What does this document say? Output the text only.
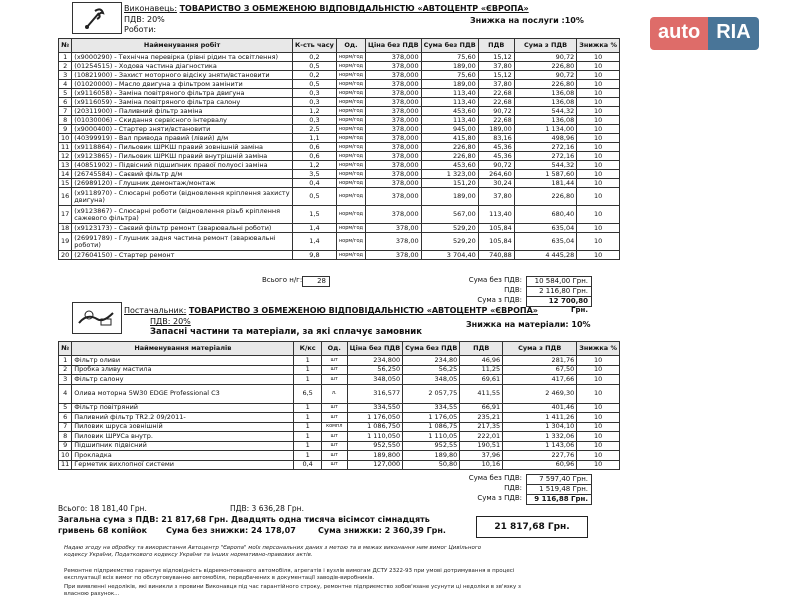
auto RIA
Виконавець: ТОВАРИСТВО З ОБМЕЖЕНОЮ ВІДПОВІДАЛЬНІСТЮ «АВТОЦЕНТР «ЄВРОПА»
ПДВ: 20%	Знижка на послуги :10%
Роботи:
№	Найменування робіт	К-сть часу	Од.	Ціна без ПДВ	Сума без ПДВ	ПДВ	Сума з ПДВ	Знижка %
1	(x9000290) - Технічна перевірка (рівні рідин та освітлення)	0,2	норм/год	378,000	75,60	15,12	90,72	10
2	(01254515) - Ходова частина діагностика	0,5	норм/год	378,000	189,00	37,80	226,80	10
3	(10821900) - Захист моторного відсіку зняти/встановити	0,2	норм/год	378,000	75,60	15,12	90,72	10
4	(01020000) - Масло двигуна з фільтром замінити	0,5	норм/год	378,000	189,00	37,80	226,80	10
5	(x9116058) - Заміна повітряного фільтра двигуна	0,3	норм/год	378,000	113,40	22,68	136,08	10
6	(x9116059) - Заміна повітряного фільтра салону	0,3	норм/год	378,000	113,40	22,68	136,08	10
7	(20311900) - Паливний фільтр заміна	1,2	норм/год	378,000	453,60	90,72	544,32	10
8	(01030006) - Скидання сервісного інтервалу	0,3	норм/год	378,000	113,40	22,68	136,08	10
9	(x9000400) - Стартер зняти/встановити	2,5	норм/год	378,000	945,00	189,00	1 134,00	10
10	(40399919) - Вал привода правий (лівий) д/м	1,1	норм/год	378,000	415,80	83,16	498,96	10
11	(x9118864) - Пильовик ШРКШ правий зовнішній заміна	0,6	норм/год	378,000	226,80	45,36	272,16	10
12	(x9123865) - Пильовик ШРКШ правий внутрішній заміна	0,6	норм/год	378,000	226,80	45,36	272,16	10
13	(40851902) - Підвісний підшипник правої полуосі заміна	1,2	норм/год	378,000	453,60	90,72	544,32	10
14	(26745584) - Саєвий фільтр д/м	3,5	норм/год	378,000	1 323,00	264,60	1 587,60	10
15	(26989120) - Глушник демонтаж/монтаж	0,4	норм/год	378,000	151,20	30,24	181,44	10
16	(x9118970) - Слюсарні роботи (відновлення кріплення захисту двигуна)	0,5	норм/год	378,000	189,00	37,80	226,80	10
17	(x9123867) - Слюсарні роботи (відновлення різьб кріплення сажевого фільтра)	1,5	норм/год	378,000	567,00	113,40	680,40	10
18	(x9123173) - Саєвий фільтр ремонт (зварювальні роботи)	1,4	норм/год	378,00	529,20	105,84	635,04	10
19	(26991789) - Глушник задня частина ремонт (зварювальні роботи)	1,4	норм/год	378,00	529,20	105,84	635,04	10
20	(27604150) - Стартер ремонт	9,8	норм/год	378,00	3 704,40	740,88	4 445,28	10
Всього н/г:	28	Сума без ПДВ:	10 584,00 Грн.
ПДВ:	2 116,80 Грн.
Сума з ПДВ:	12 700,80 Грн.
Постачальник: ТОВАРИСТВО З ОБМЕЖЕНОЮ ВІДПОВІДАЛЬНІСТЮ «АВТОЦЕНТР «ЄВРОПА»
ПДВ: 20%
Запасні частини та матеріали, за які сплачує замовник
Знижка на матеріали: 10%
№	Найменування матеріалів	К/кс	Од.	Ціна без ПДВ	Сума без ПДВ	ПДВ	Сума з ПДВ	Знижка %
1	Фільтр оливи	1	шт	234,800	234,80	46,96	281,76	10
2	Пробка зливу мастила	1	шт	56,250	56,25	11,25	67,50	10
3	Фільтр салону	1	шт	348,050	348,05	69,61	417,66	10
4	Олива моторна 5W30 EDGE Professional C3	6,5	л.	316,577	2 057,75	411,55	2 469,30	10
5	Фільтр повітряний	1	шт	334,550	334,55	66,91	401,46	10
6	Паливний фільтр TR2.2 09/2011-	1	шт	1 176,050	1 176,05	235,21	1 411,26	10
7	Пиловик шруса зовнішній	1	компл	1 086,750	1 086,75	217,35	1 304,10	10
8	Пиловик ШРУСа внутр.	1	шт	1 110,050	1 110,05	222,01	1 332,06	10
9	Підшипник підвісний	1	шт	952,550	952,55	190,51	1 143,06	10
10	Прокладка	1	шт	189,800	189,80	37,96	227,76	10
11	Герметик вихлопної системи	0,4	шт	127,000	50,80	10,16	60,96	10
Сума без ПДВ:	7 597,40 Грн.
ПДВ:	1 519,48 Грн.
Сума з ПДВ:	9 116,88 Грн.
Всього: 18 181,40 Грн.	ПДВ: 3 636,28 Грн.
Загальна сума з ПДВ: 21 817,68 Грн. Двадцять одна тисяча вісімсот сімнадцять
гривень 68 копійок Сума без знижки: 24 178,07	Сума знижки: 2 360,39 Грн.	21 817,68 Грн.
Надаю згоду на обробку та використання Автоцентр "Європа" моїх персональних даних з метою та в межах виконання ним вимог Цивільного
кодексу України, Податкового кодексу України та інших нормативно-правових актів.
Ремонтне підприємство гарантує відповідність відремонтованого автомобіля, агрегатів і вузлів вимогам ДСТУ 2322-93 при умові дотримування в процесі
експлуатації всіх вимог по обслуговуванню автомобіля, передбачених в документації заводів-виробників.
При виявленні недоліків, які виникли з провини Виконавця під час гарантійного строку, ремонтне підприємство зобов'язане усунути ці недоліки в зв'язку з
власною рахунок...
